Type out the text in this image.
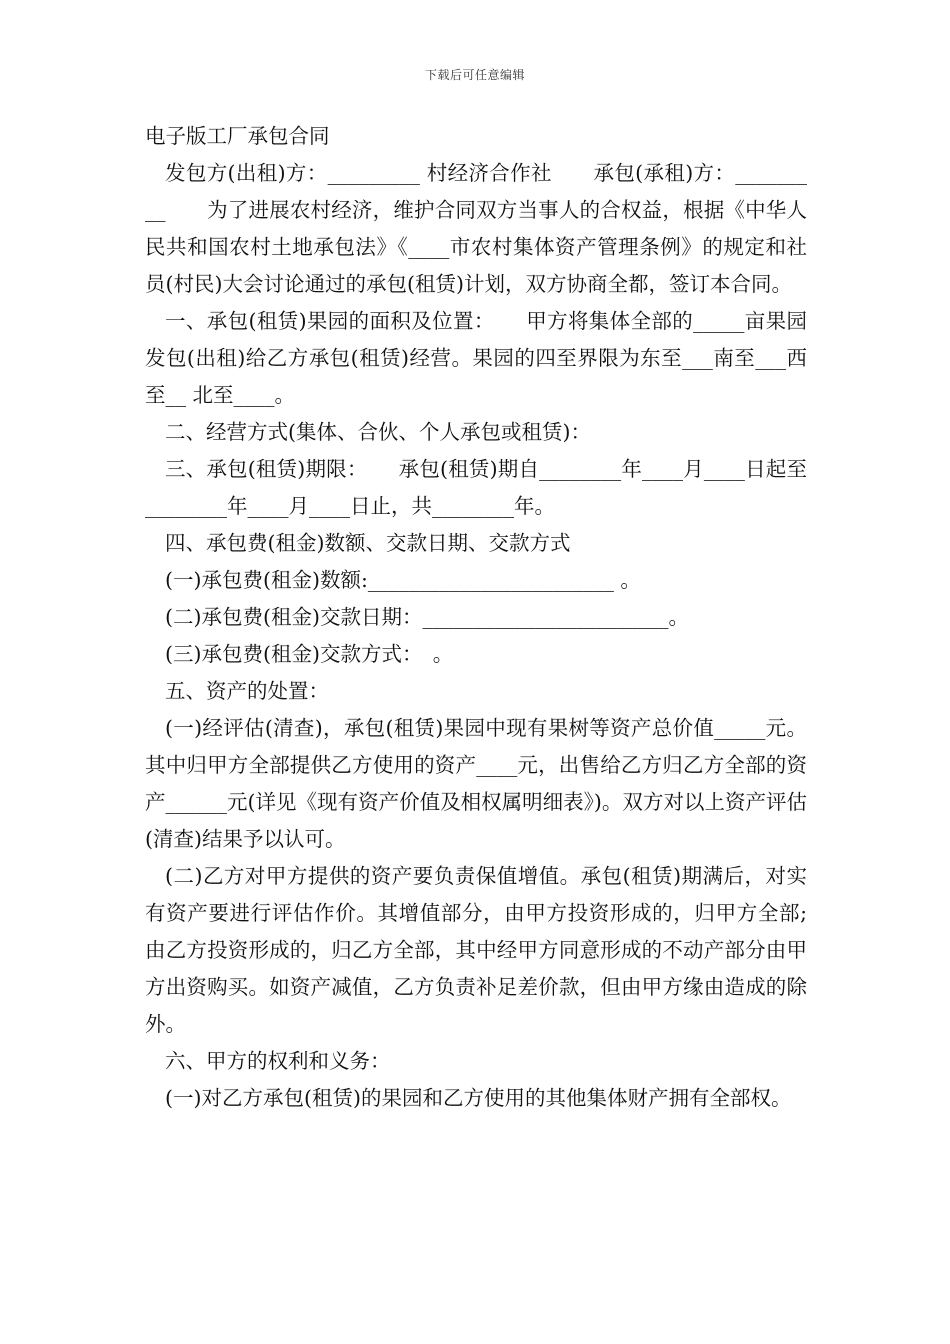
下载后可任意编辑
电子版工厂承包合同

发包方(出租)方：_________ 村经济合作社　　承包(承租)方：_________　　为了进展农村经济，维护合同双方当事人的合权益，根据《中华人民共和国农村土地承包法》《____市农村集体资产管理条例》的规定和社员(村民)大会讨论通过的承包(租赁)计划，双方协商全都，签订本合同。

一、承包(租赁)果园的面积及位置：　　甲方将集体全部的_____亩果园发包(出租)给乙方承包(租赁)经营。果园的四至界限为东至___南至___西至__ 北至____。

二、经营方式(集体、合伙、个人承包或租赁)：

三、承包(租赁)期限：　　承包(租赁)期自________年____月____日起至________年____月____日止，共________年。

四、承包费(租金)数额、交款日期、交款方式

(一)承包费(租金)数额:________________________ 。

(二)承包费(租金)交款日期：________________________。

(三)承包费(租金)交款方式：　。

五、资产的处置：

(一)经评估(清查)，承包(租赁)果园中现有果树等资产总价值_____元。其中归甲方全部提供乙方使用的资产____元，出售给乙方归乙方全部的资产______元(详见《现有资产价值及相权属明细表》)。双方对以上资产评估(清查)结果予以认可。

(二)乙方对甲方提供的资产要负责保值增值。承包(租赁)期满后，对实有资产要进行评估作价。其增值部分，由甲方投资形成的，归甲方全部;由乙方投资形成的，归乙方全部，其中经甲方同意形成的不动产部分由甲方出资购买。如资产减值，乙方负责补足差价款，但由甲方缘由造成的除外。

六、甲方的权利和义务：

(一)对乙方承包(租赁)的果园和乙方使用的其他集体财产拥有全部权。
